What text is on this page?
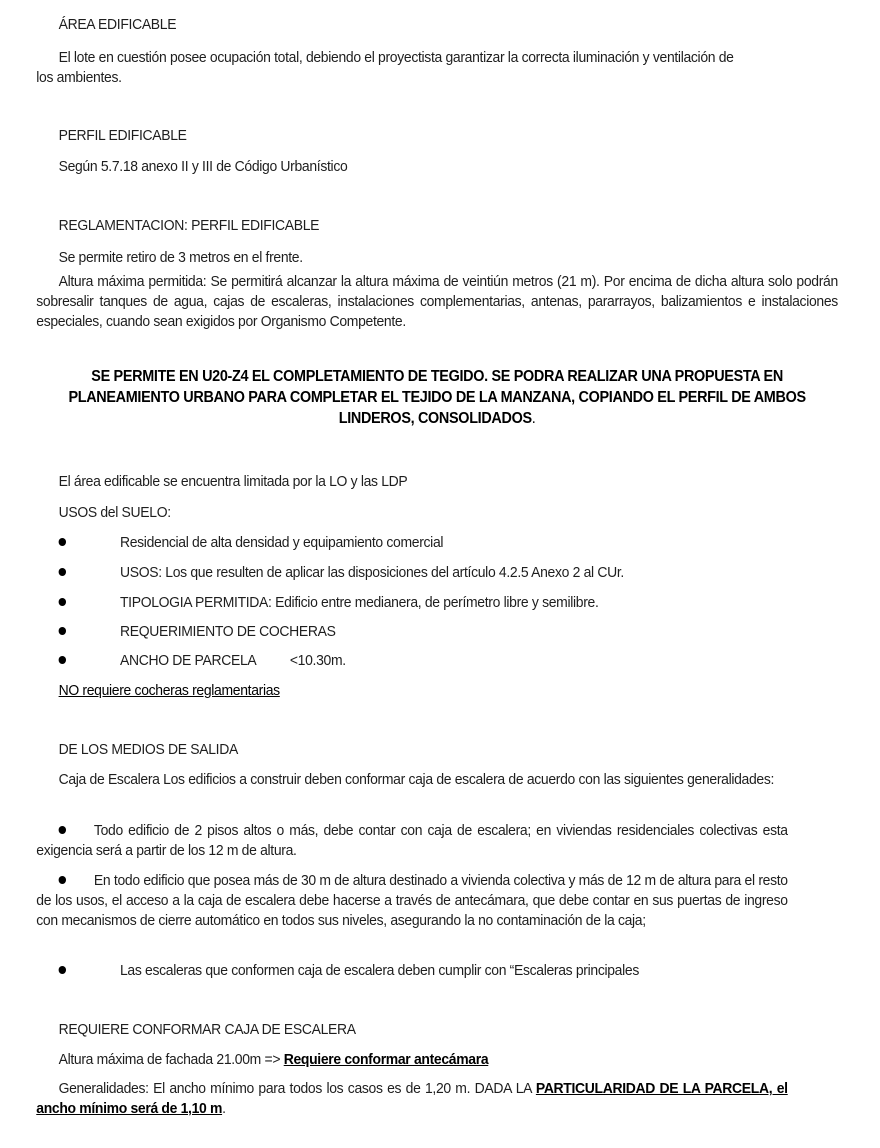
ÁREA EDIFICABLE

El lote en cuestión posee ocupación total, debiendo el proyectista garantizar la correcta iluminación y ventilación de los ambientes.

PERFIL EDIFICABLE

Según 5.7.18 anexo II y III de Código Urbanístico

REGLAMENTACION: PERFIL EDIFICABLE

Se permite retiro de 3 metros en el frente.

Altura máxima permitida: Se permitirá alcanzar la altura máxima de veintiún metros (21 m). Por encima de dicha altura solo podrán sobresalir tanques de agua, cajas de escaleras, instalaciones complementarias, antenas, pararrayos, balizamientos e instalaciones especiales, cuando sean exigidos por Organismo Competente.

SE PERMITE EN U20-Z4 EL COMPLETAMIENTO DE TEGIDO. SE PODRA REALIZAR UNA PROPUESTA EN
PLANEAMIENTO URBANO PARA COMPLETAR EL TEJIDO DE LA MANZANA, COPIANDO EL PERFIL DE AMBOS
LINDEROS, CONSOLIDADOS.

El área edificable se encuentra limitada por la LO y las LDP

USOS del SUELO:

Residencial de alta densidad y equipamiento comercial

USOS: Los que resulten de aplicar las disposiciones del artículo 4.2.5 Anexo 2 al CUr.

TIPOLOGIA PERMITIDA: Edificio entre medianera, de perímetro libre y semilibre.

REQUERIMIENTO DE COCHERAS

ANCHO DE PARCELA <10.30m.

NO requiere cocheras reglamentarias

DE LOS MEDIOS DE SALIDA

Caja de Escalera Los edificios a construir deben conformar caja de escalera de acuerdo con las siguientes generalidades:

Todo edificio de 2 pisos altos o más, debe contar con caja de escalera; en viviendas residenciales colectivas esta exigencia será a partir de los 12 m de altura.

En todo edificio que posea más de 30 m de altura destinado a vivienda colectiva y más de 12 m de altura para el resto de los usos, el acceso a la caja de escalera debe hacerse a través de antecámara, que debe contar en sus puertas de ingreso con mecanismos de cierre automático en todos sus niveles, asegurando la no contaminación de la caja;

Las escaleras que conformen caja de escalera deben cumplir con “Escaleras principales

REQUIERE CONFORMAR CAJA DE ESCALERA

Altura máxima de fachada 21.00m => Requiere conformar antecámara

Generalidades: El ancho mínimo para todos los casos es de 1,20 m. DADA LA PARTICULARIDAD DE LA PARCELA, el ancho mínimo será de 1,10 m.
